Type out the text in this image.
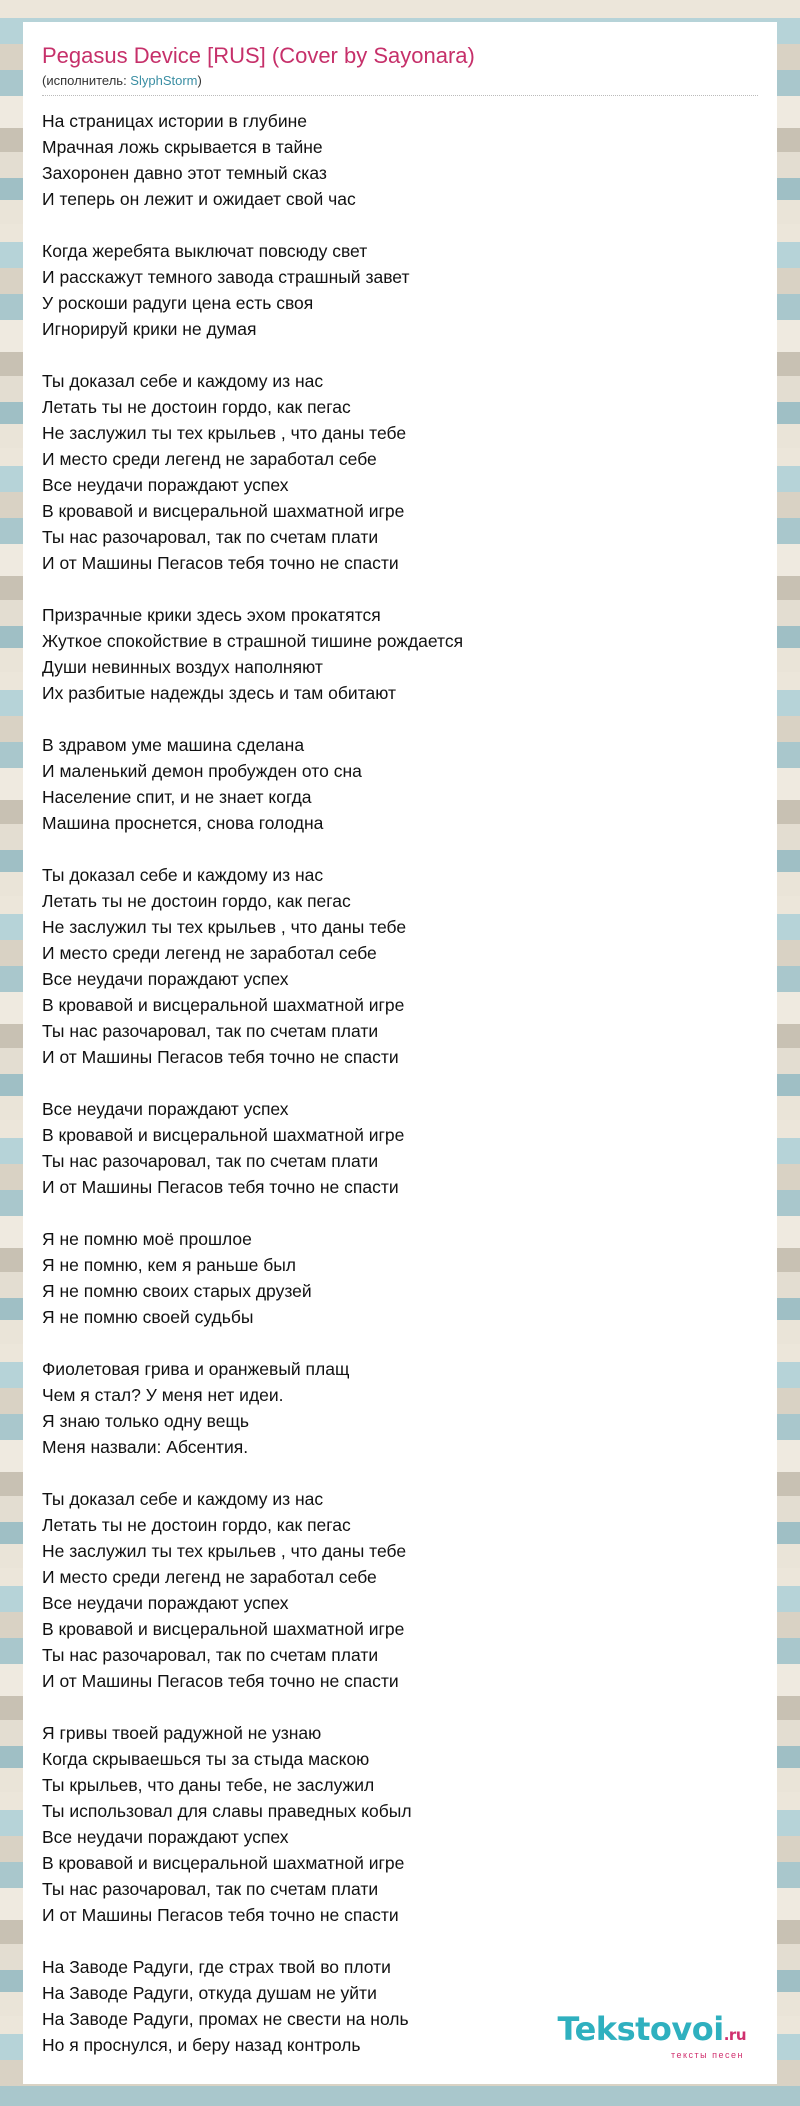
Pegasus Device [RUS] (Cover by Sayonara)
(исполнитель: SlyphStorm)
На страницах истории в глубине
Мрачная ложь скрывается в тайне
Захоронен давно этот темный сказ
И теперь он лежит и ожидает свой час
Когда жеребята выключат повсюду свет
И расскажут темного завода страшный завет
У роскоши радуги цена есть своя
Игнорируй крики не думая
Ты доказал себе и каждому из нас
Летать ты не достоин гордо, как пегас
Не заслужил ты тех крыльев , что даны тебе
И место среди легенд не заработал себе
Все неудачи пораждают успех
В кровавой и висцеральной шахматной игре
Ты нас разочаровал, так по счетам плати
И от Машины Пегасов тебя точно не спасти
Призрачные крики здесь эхом прокатятся
Жуткое спокойствие в страшной тишине рождается
Души невинных воздух наполняют
Их разбитые надежды здесь и там обитают
В здравом уме машина сделана
И маленький демон пробужден ото сна
Население спит, и не знает когда
Машина проснется, снова голодна
Ты доказал себе и каждому из нас
Летать ты не достоин гордо, как пегас
Не заслужил ты тех крыльев , что даны тебе
И место среди легенд не заработал себе
Все неудачи пораждают успех
В кровавой и висцеральной шахматной игре
Ты нас разочаровал, так по счетам плати
И от Машины Пегасов тебя точно не спасти
Все неудачи пораждают успех
В кровавой и висцеральной шахматной игре
Ты нас разочаровал, так по счетам плати
И от Машины Пегасов тебя точно не спасти
Я не помню моё прошлое
Я не помню, кем я раньше был
Я не помню своих старых друзей
Я не помню своей судьбы
Фиолетовая грива и оранжевый плащ
Чем я стал? У меня нет идеи.
Я знаю только одну вещь
Меня назвали: Абсентия.
Ты доказал себе и каждому из нас
Летать ты не достоин гордо, как пегас
Не заслужил ты тех крыльев , что даны тебе
И место среди легенд не заработал себе
Все неудачи пораждают успех
В кровавой и висцеральной шахматной игре
Ты нас разочаровал, так по счетам плати
И от Машины Пегасов тебя точно не спасти
Я гривы твоей радужной не узнаю
Когда скрываешься ты за стыда маскою
Ты крыльев, что даны тебе, не заслужил
Ты использовал для славы праведных кобыл
Все неудачи пораждают успех
В кровавой и висцеральной шахматной игре
Ты нас разочаровал, так по счетам плати
И от Машины Пегасов тебя точно не спасти
На Заводе Радуги, где страх твой во плоти
На Заводе Радуги, откуда душам не уйти
На Заводе Радуги, промах не свести на ноль
Но я проснулся, и беру назад контроль	Tekstovoi.ru
тексты песен
